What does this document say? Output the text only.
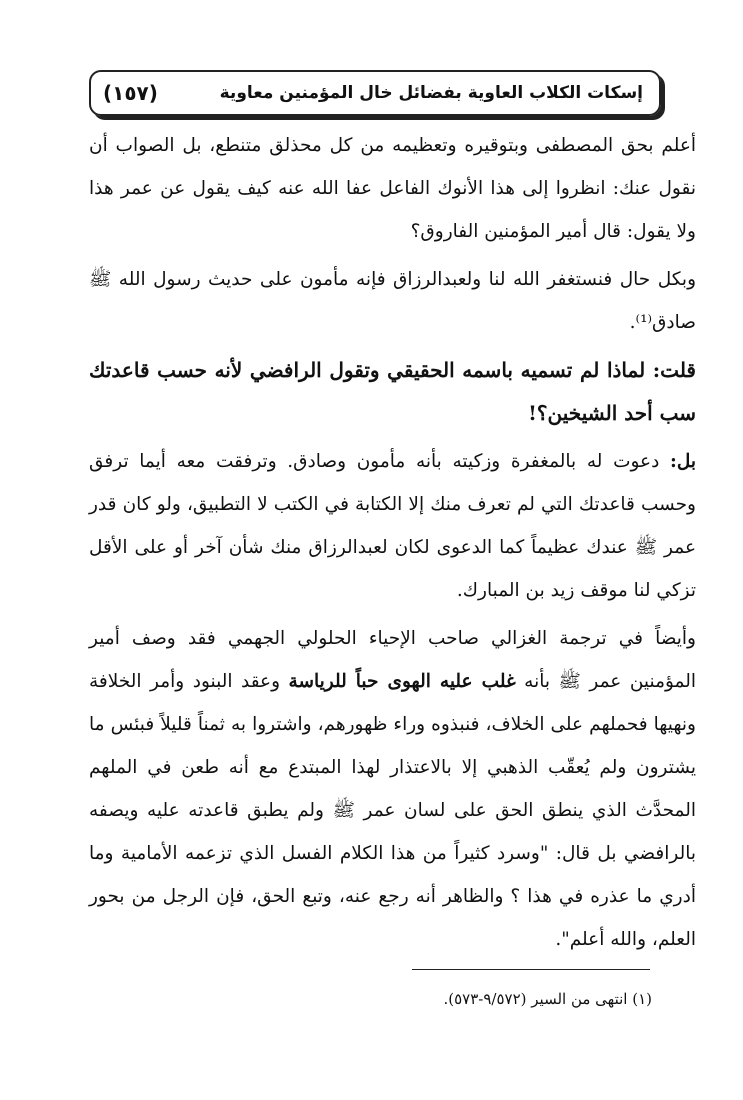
إسكات الكلاب العاوية بفضائل خال المؤمنين معاوية
(١٥٧)

أعلم بحق المصطفى وبتوقيره وتعظيمه من كل محذلق متنطع، بل الصواب أن نقول عنك: انظروا إلى هذا الأنوك الفاعل عفا الله عنه كيف يقول عن عمر هذا ولا يقول: قال أمير المؤمنين الفاروق؟

وبكل حال فنستغفر الله لنا ولعبدالرزاق فإنه مأمون على حديث رسول الله ﷺ صادق⁽¹⁾.

قلت: لماذا لم تسميه باسمه الحقيقي وتقول الرافضي لأنه حسب قاعدتك سب أحد الشيخين؟!

بل: دعوت له بالمغفرة وزكيته بأنه مأمون وصادق. وترفقت معه أيما ترفق وحسب قاعدتك التي لم تعرف منك إلا الكتابة في الكتب لا التطبيق، ولو كان قدر عمر ﷺ عندك عظيماً كما الدعوى لكان لعبدالرزاق منك شأن آخر أو على الأقل تزكي لنا موقف زيد بن المبارك.

وأيضاً في ترجمة الغزالي صاحب الإحياء الحلولي الجهمي فقد وصف أمير المؤمنين عمر ﷺ بأنه غلب عليه الهوى حباً للرياسة وعقد البنود وأمر الخلافة ونهيها فحملهم على الخلاف، فنبذوه وراء ظهورهم، واشتروا به ثمناً قليلاً فبئس ما يشترون ولم يُعقّب الذهبي إلا بالاعتذار لهذا المبتدع مع أنه طعن في الملهم المحدَّث الذي ينطق الحق على لسان عمر ﷺ ولم يطبق قاعدته عليه ويصفه بالرافضي بل قال: "وسرد كثيراً من هذا الكلام الفسل الذي تزعمه الأمامية وما أدري ما عذره في هذا ؟ والظاهر أنه رجع عنه، وتبع الحق، فإن الرجل من بحور العلم، والله أعلم".

(١) انتهى من السير (٩/٥٧٢-٥٧٣).
